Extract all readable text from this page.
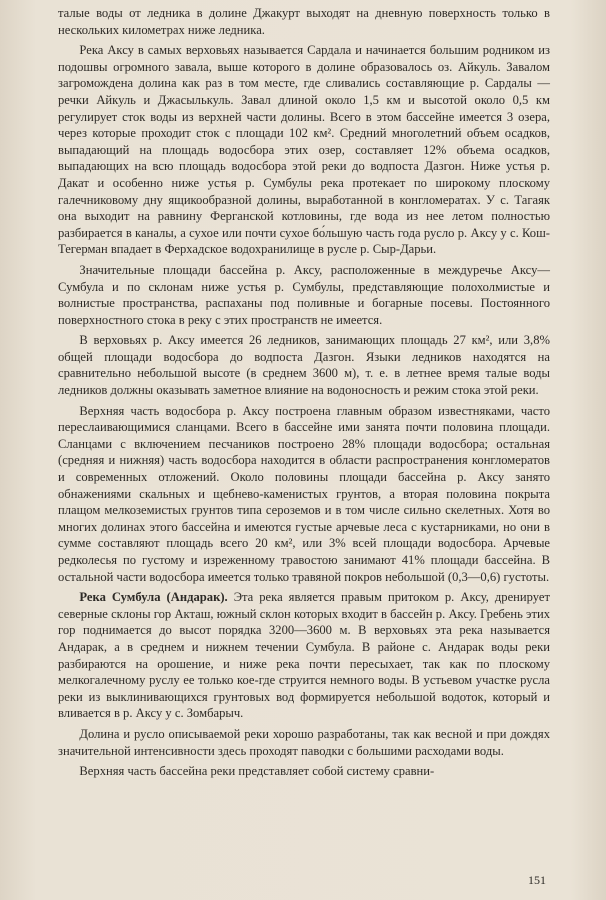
талые воды от ледника в долине Джакурт выходят на дневную поверхность только в нескольких километрах ниже ледника.

Река Аксу в самых верховьях называется Сардала и начинается большим родником из подошвы огромного завала, выше которого в долине образовалось оз. Айкуль. Завалом загромождена долина как раз в том месте, где сливались составляющие р. Сардалы — речки Айкуль и Джасылькуль. Завал длиной около 1,5 км и высотой около 0,5 км регулирует сток воды из верхней части долины. Всего в этом бассейне имеется 3 озера, через которые проходит сток с площади 102 км². Средний многолетний объем осадков, выпадающий на площадь водосбора этих озер, составляет 12% объема осадков, выпадающих на всю площадь водосбора этой реки до водпоста Дазгон. Ниже устья р. Дакат и особенно ниже устья р. Сумбулы река протекает по широкому плоскому галечниковому дну ящикообразной долины, выработанной в конгломератах. У с. Тагаяк она выходит на равнину Ферганской котловины, где вода из нее летом полностью разбирается в каналы, а сухое или почти сухое бо́льшую часть года русло р. Аксу у с. Кош-Тегерман впадает в Ферхадское водохранилище в русле р. Сыр-Дарьи.

Значительные площади бассейна р. Аксу, расположенные в междуречье Аксу—Сумбула и по склонам ниже устья р. Сумбулы, представляющие полохолмистые и волнистые пространства, распаханы под поливные и богарные посевы. Постоянного поверхностного стока в реку с этих пространств не имеется.

В верховьях р. Аксу имеется 26 ледников, занимающих площадь 27 км², или 3,8% общей площади водосбора до водпоста Дазгон. Языки ледников находятся на сравнительно небольшой высоте (в среднем 3600 м), т. е. в летнее время талые воды ледников должны оказывать заметное влияние на водоносность и режим стока этой реки.

Верхняя часть водосбора р. Аксу построена главным образом известняками, часто переслаивающимися сланцами. Всего в бассейне ими занята почти половина площади. Сланцами с включением песчаников построено 28% площади водосбора; остальная (средняя и нижняя) часть водосбора находится в области распространения конгломератов и современных отложений. Около половины площади бассейна р. Аксу занято обнажениями скальных и щебнево-каменистых грунтов, а вторая половина покрыта плащом мелкоземистых грунтов типа сероземов и в том числе сильно скелетных. Хотя во многих долинах этого бассейна и имеются густые арчевые леса с кустарниками, но они в сумме составляют площадь всего 20 км², или 3% всей площади водосбора. Арчевые редколесья по густому и изреженному травостою занимают 41% площади бассейна. В остальной части водосбора имеется только травяной покров небольшой (0,3—0,6) густоты.

Река Сумбула (Андарак). Эта река является правым притоком р. Аксу, дренирует северные склоны гор Акташ, южный склон которых входит в бассейн р. Аксу. Гребень этих гор поднимается до высот порядка 3200—3600 м. В верховьях эта река называется Андарак, а в среднем и нижнем течении Сумбула. В районе с. Андарак воды реки разбираются на орошение, и ниже река почти пересыхает, так как по плоскому мелкогалечному руслу ее только кое-где струится немного воды. В устьевом участке русла реки из выклинивающихся грунтовых вод формируется небольшой водоток, который и вливается в р. Аксу у с. Зомбарыч.

Долина и русло описываемой реки хорошо разработаны, так как весной и при дождях значительной интенсивности здесь проходят паводки с большими расходами воды.

Верхняя часть бассейна реки представляет собой систему сравни-

151
